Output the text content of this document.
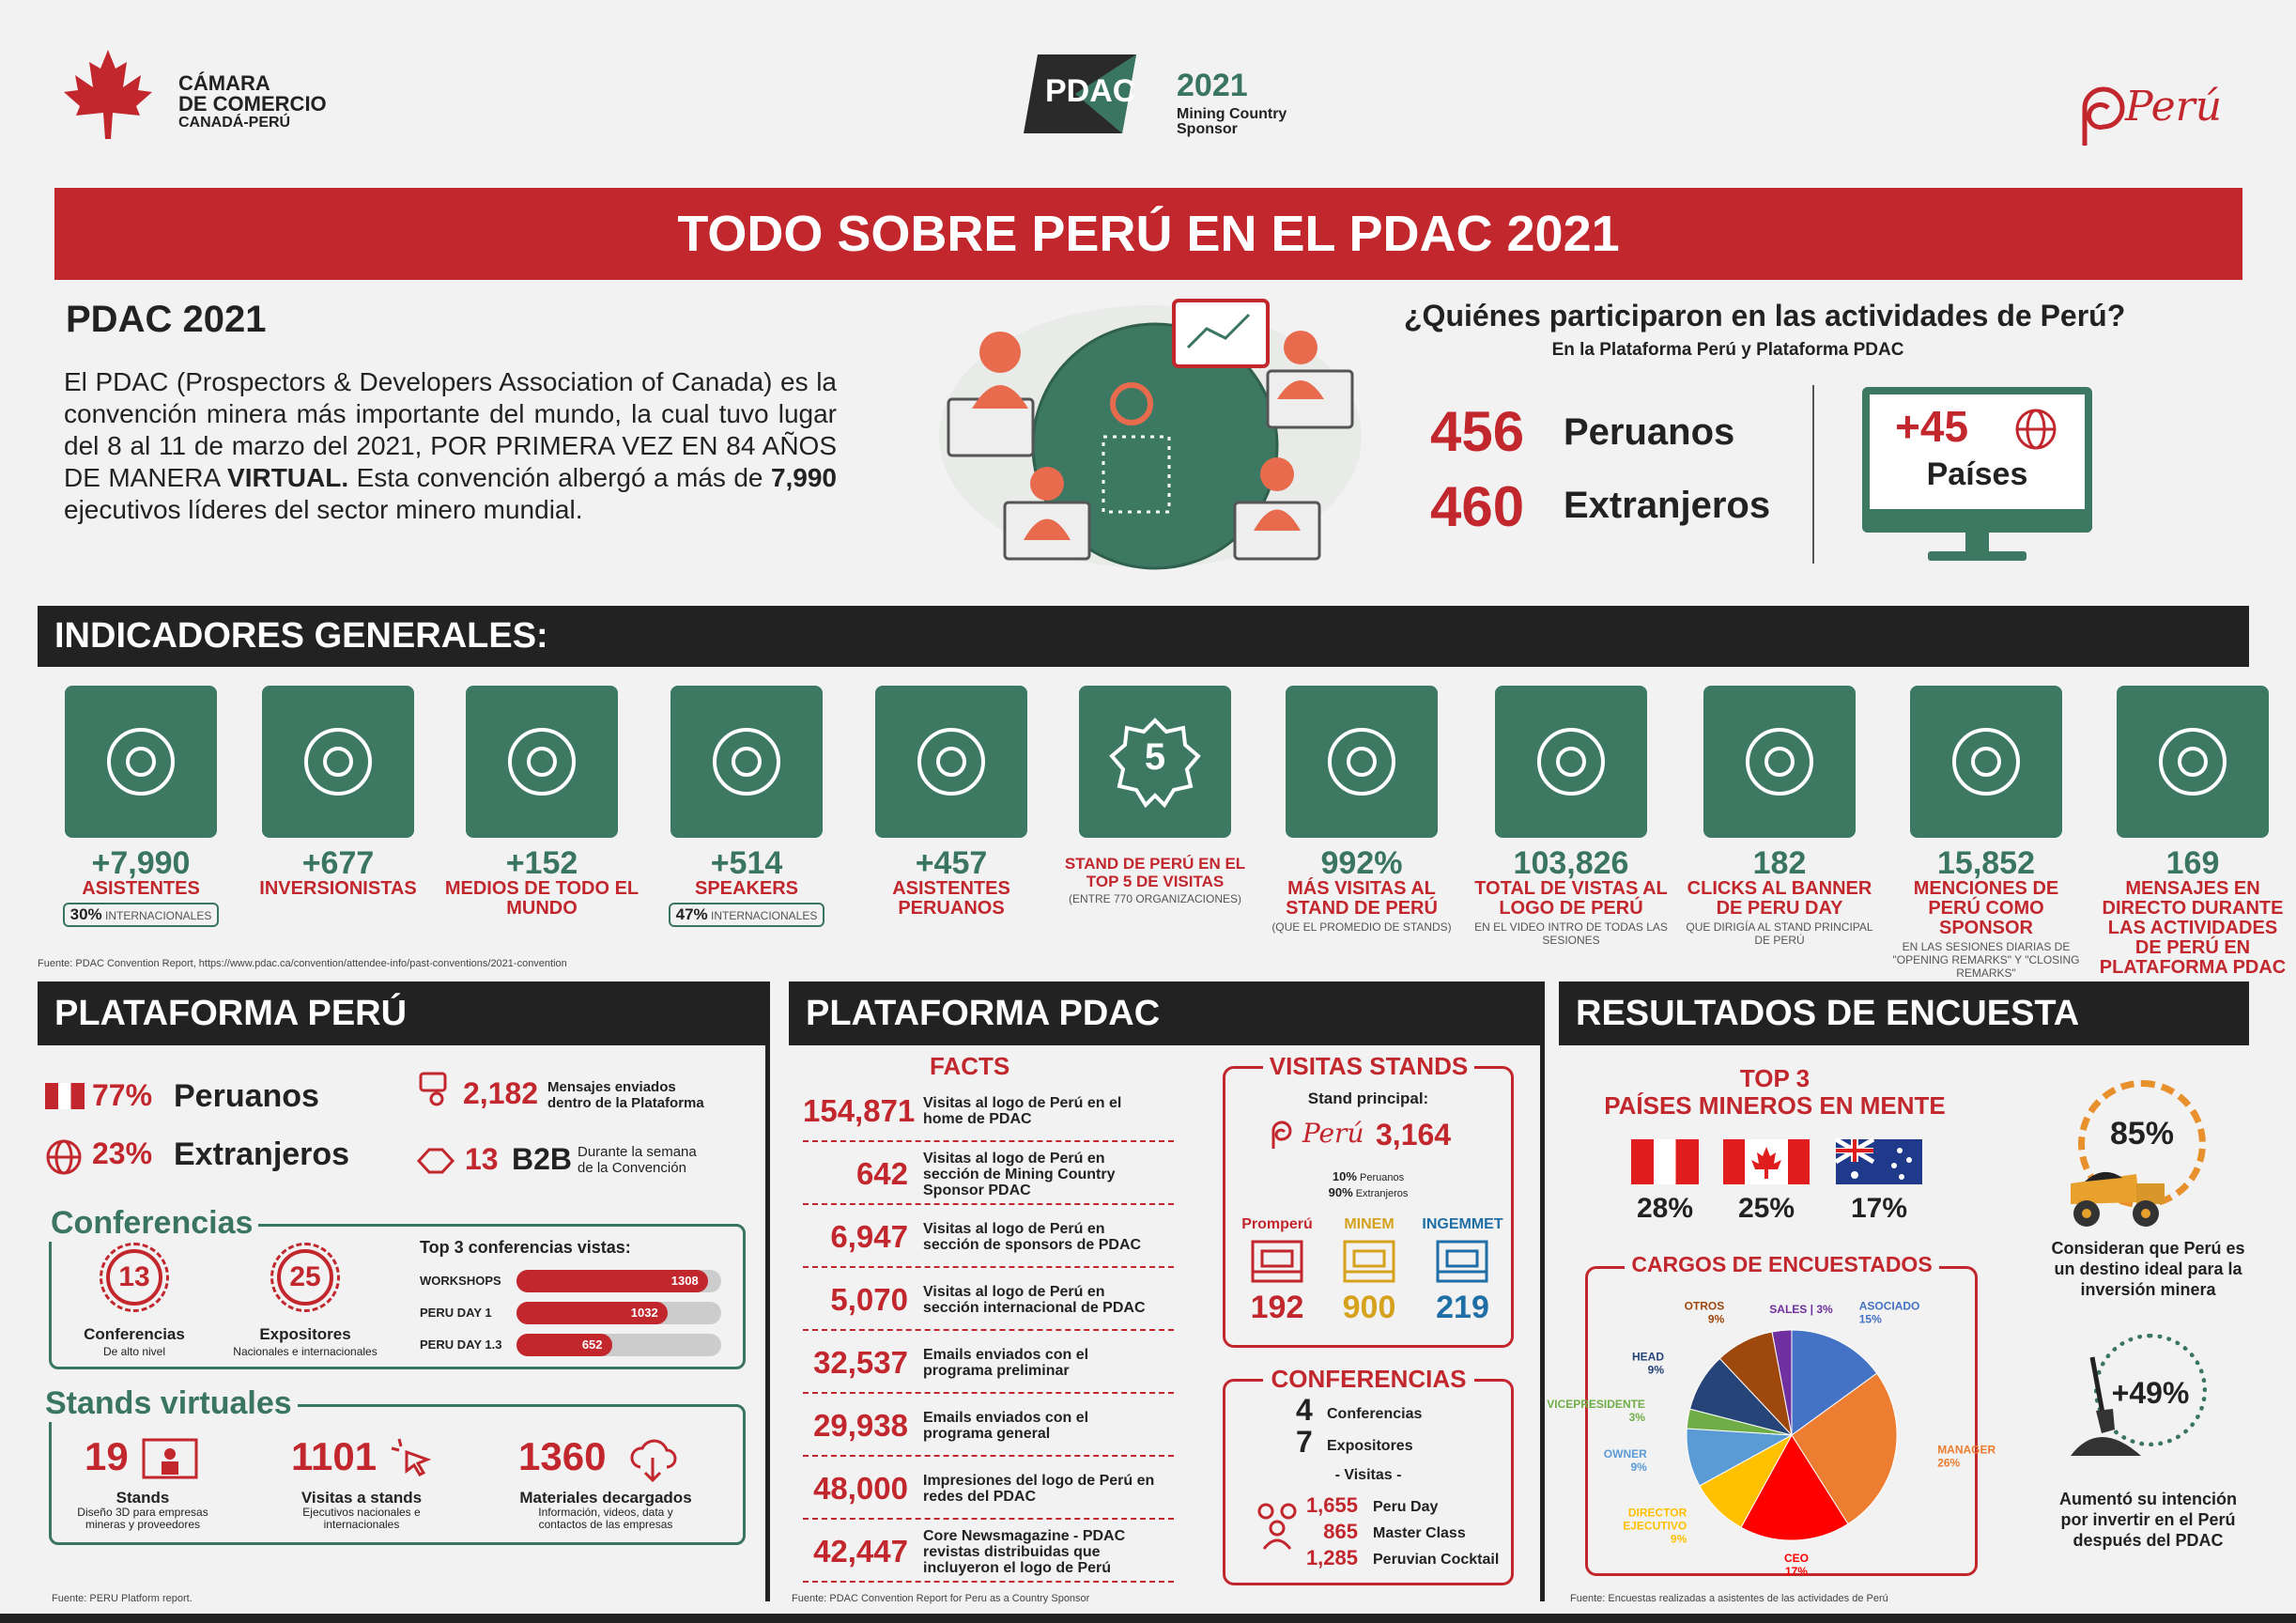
CÁMARA
DE COMERCIO
CANADÁ-PERÚ
PDAC 2021
Mining Country
Sponsor	Perú
TODO SOBRE PERÚ EN EL PDAC 2021
PDAC 2021
El PDAC (Prospectors & Developers Association of Canada) es la convención minera más importante del mundo, la cual tuvo lugar del 8 al 11 de marzo del 2021, POR PRIMERA VEZ EN 84 AÑOS DE MANERA VIRTUAL. Esta convención albergó a más de 7,990 ejecutivos líderes del sector minero mundial.
¿Quiénes participaron en las actividades de Perú?
En la Plataforma Perú y Plataforma PDAC
456 Peruanos
460 Extranjeros
+45
Países
INDICADORES GENERALES:
+7,990
ASISTENTES
30% INTERNACIONALES
+677
INVERSIONISTAS
+152
MEDIOS DE TODO EL MUNDO
+514
SPEAKERS
47% INTERNACIONALES
+457
ASISTENTES PERUANOS
5
STAND DE PERÚ EN EL TOP 5 DE VISITAS
(ENTRE 770 ORGANIZACIONES)
992%
MÁS VISITAS AL STAND DE PERÚ
(QUE EL PROMEDIO DE STANDS)
103,826
TOTAL DE VISTAS AL LOGO DE PERÚ
EN EL VIDEO INTRO DE TODAS LAS SESIONES
182
CLICKS AL BANNER DE PERU DAY
QUE DIRIGÍA AL STAND PRINCIPAL DE PERÚ
15,852
MENCIONES DE PERÚ COMO SPONSOR
EN LAS SESIONES DIARIAS DE "OPENING REMARKS" Y "CLOSING REMARKS"
169
MENSAJES EN DIRECTO DURANTE LAS ACTIVIDADES DE PERÚ EN PLATAFORMA PDAC
Fuente: PDAC Convention Report, https://www.pdac.ca/convention/attendee-info/past-conventions/2021-convention
PLATAFORMA PERÚ
77% Peruanos
23% Extranjeros
2,182 Mensajes enviados
dentro de la Plataforma
13 B2B Durante la semana
de la Convención
Conferencias
13
Conferencias
De alto nivel
25
Expositores
Nacionales e internacionales
Top 3 conferencias vistas:
WORKSHOPS	1308
PERU DAY 1	1032
PERU DAY 1.3	652
Stands virtuales
19
Stands
Diseño 3D para empresas mineras y proveedores
1101
Visitas a stands
Ejecutivos nacionales e internacionales
1360
Materiales decargados
Información, videos, data y contactos de las empresas
Fuente: PERU Platform report.
PLATAFORMA PDAC
FACTS
154,871 Visitas al logo de Perú en el home de PDAC
642	Visitas al logo de Perú en sección de Mining Country Sponsor PDAC
6,947	Visitas al logo de Perú en sección de sponsors de PDAC
5,070	Visitas al logo de Perú en sección internacional de PDAC
32,537	Emails enviados con el programa preliminar
29,938	Emails enviados con el programa general
48,000	Impresiones del logo de Perú en redes del PDAC
42,447	Core Newsmagazine - PDAC revistas distribuidas que incluyeron el logo de Perú
VISITAS STANDS
Stand principal:
Perú 3,164
10% Peruanos
90% Extranjeros
Promperú
192
MINEM
900
INGEMMET
219
CONFERENCIAS
4 Conferencias
7 Expositores
- Visitas -
1,655 Peru Day
865 Master Class
1,285 Peruvian Cocktail
Fuente: PDAC Convention Report for Peru as a Country Sponsor
RESULTADOS DE ENCUESTA
TOP 3
PAÍSES MINEROS EN MENTE
28%	25%	17%
CARGOS DE ENCUESTADOS
ASOCIADO 15%
MANAGER 26%
CEO 17%
DIRECTOR EJECUTIVO 9%
OWNER 9%
VICEPRESIDENTE 3%
HEAD 9%
OTROS 9%
SALES | 3%
85%
Consideran que Perú es un destino ideal para la inversión minera
+49%
Aumentó su intención por invertir en el Perú después del PDAC
Fuente: Encuestas realizadas a asistentes de las actividades de Perú
